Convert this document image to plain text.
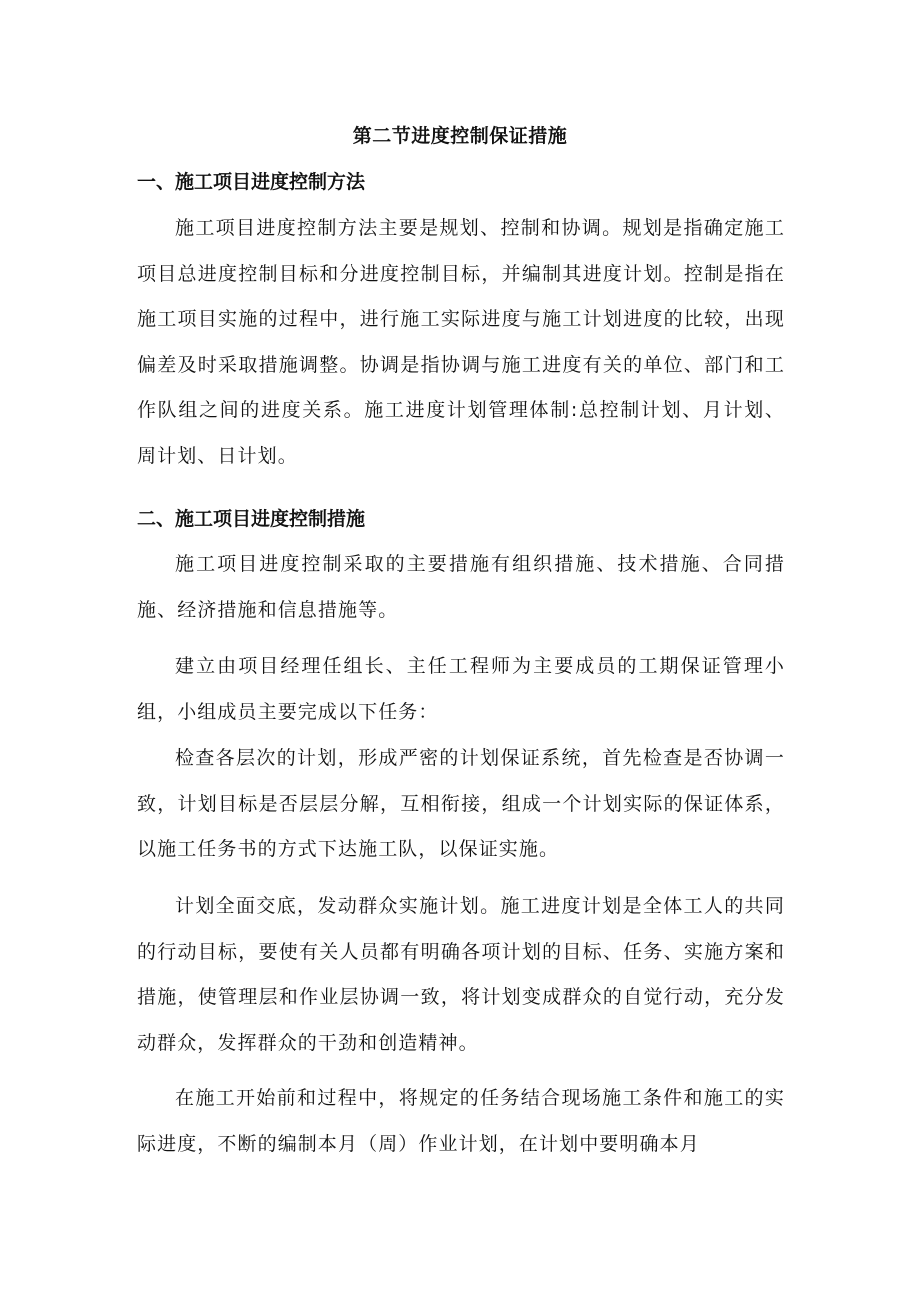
第二节进度控制保证措施
一、施工项目进度控制方法

施工项目进度控制方法主要是规划、控制和协调。规划是指确定施工项目总进度控制目标和分进度控制目标，并编制其进度计划。控制是指在施工项目实施的过程中，进行施工实际进度与施工计划进度的比较，出现偏差及时采取措施调整。协调是指协调与施工进度有关的单位、部门和工作队组之间的进度关系。施工进度计划管理体制:总控制计划、月计划、周计划、日计划。

二、施工项目进度控制措施

施工项目进度控制采取的主要措施有组织措施、技术措施、合同措施、经济措施和信息措施等。

建立由项目经理任组长、主任工程师为主要成员的工期保证管理小组，小组成员主要完成以下任务：

检查各层次的计划，形成严密的计划保证系统，首先检查是否协调一致，计划目标是否层层分解，互相衔接，组成一个计划实际的保证体系，以施工任务书的方式下达施工队，以保证实施。

计划全面交底，发动群众实施计划。施工进度计划是全体工人的共同的行动目标，要使有关人员都有明确各项计划的目标、任务、实施方案和措施，使管理层和作业层协调一致，将计划变成群众的自觉行动，充分发动群众，发挥群众的干劲和创造精神。

在施工开始前和过程中，将规定的任务结合现场施工条件和施工的实际进度，不断的编制本月（周）作业计划，在计划中要明确本月
